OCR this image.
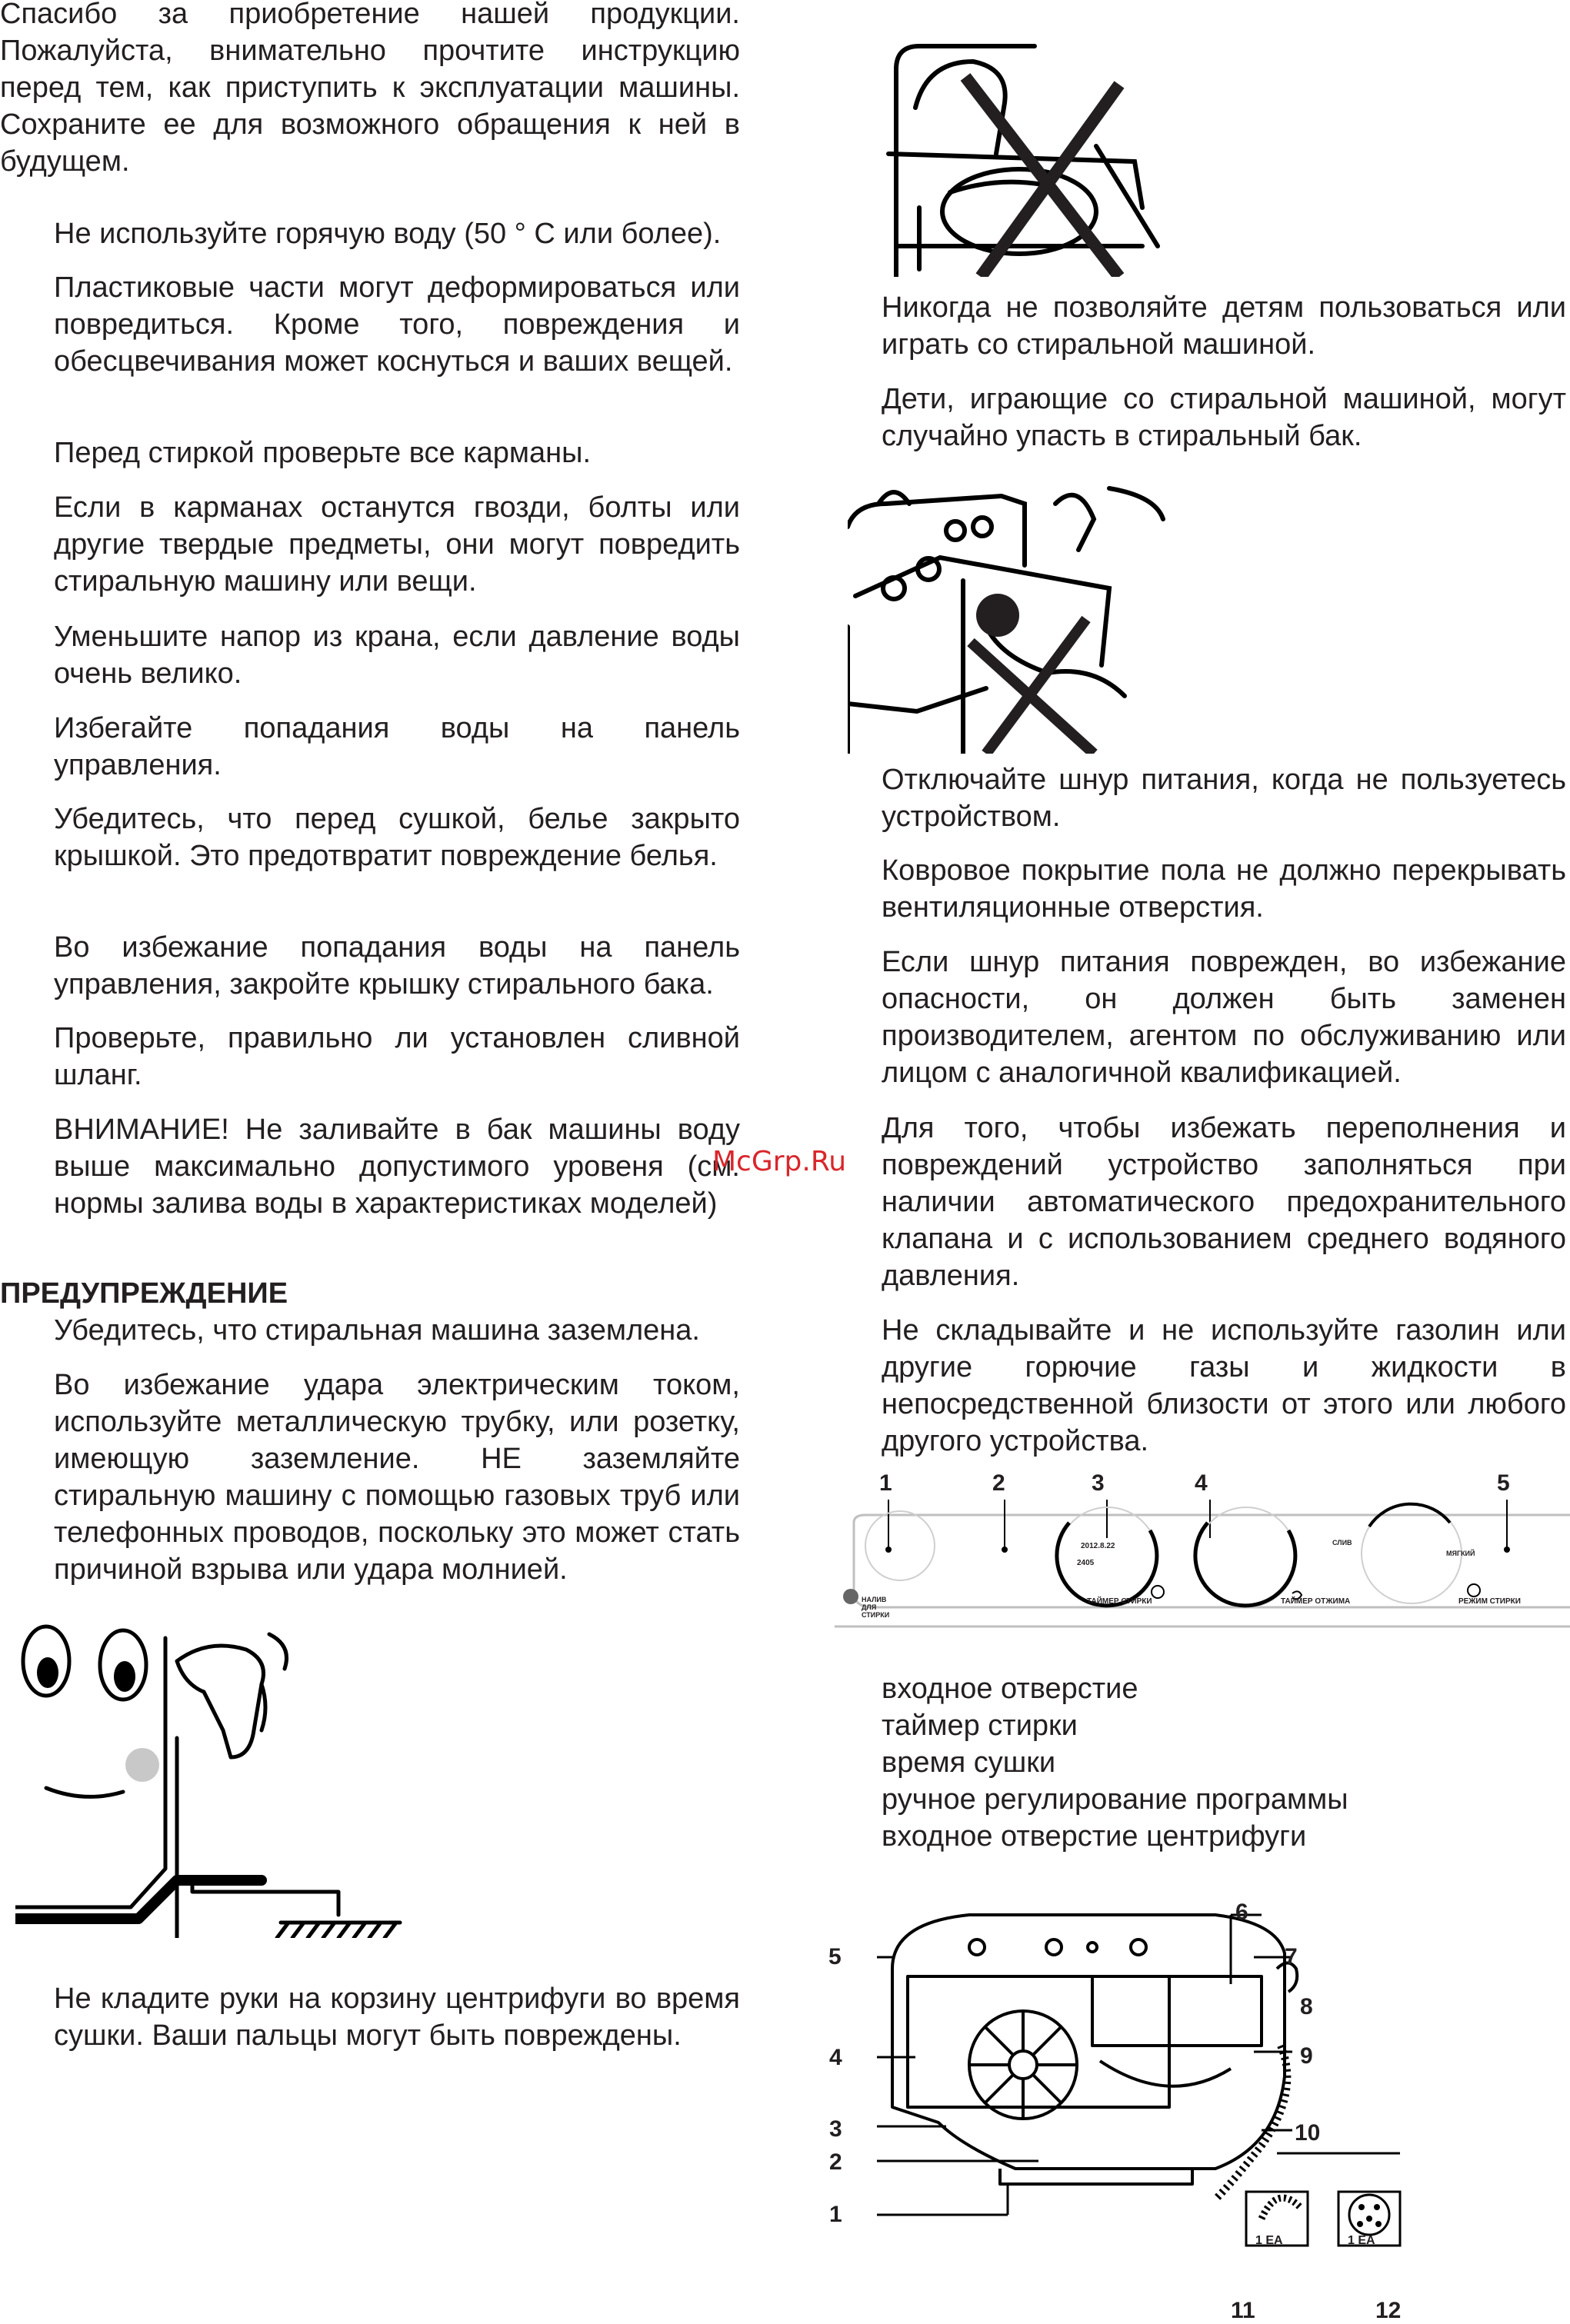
Спасибо за приобретение нашей продукции. Пожалуйста, внимательно прочтите инструкцию перед тем, как приступить к эксплуатации машины. Сохраните ее для возможного обращения к ней в будущем.

Не используйте горячую воду (50 ° С или более).

Пластиковые части могут деформироваться или повредиться. Кроме того, повреждения и обесцвечивания может коснуться и ваших вещей.

Перед стиркой проверьте все карманы.

Если в карманах останутся гвозди, болты или другие твердые предметы, они могут повредить стиральную машину или вещи.

Уменьшите напор из крана, если давление воды очень велико.

Избегайте попадания воды на панель управления.

Убедитесь, что перед сушкой, белье закрыто крышкой. Это предотвратит повреждение белья.

Во избежание попадания воды на панель управления, закройте крышку стирального бака.

Проверьте, правильно ли установлен сливной шланг.

ВНИМАНИЕ! Не заливайте в бак машины воду выше максимально допустимого уровеня (см. нормы залива воды в характеристиках моделей)

ПРЕДУПРЕЖДЕНИЕ

Убедитесь, что стиральная машина заземлена.

Во избежание удара электрическим током, используйте металлическую трубку, или розетку, имеющую заземление. НЕ заземляйте стиральную машину с помощью газовых труб или телефонных проводов, поскольку это может стать причиной взрыва или удара молнией.

Не кладите руки на корзину центрифуги во время сушки. Ваши пальцы могут быть повреждены.

McGrp.Ru

Никогда не позволяйте детям пользоваться или играть со стиральной машиной.

Дети, играющие со стиральной машиной, могут случайно упасть в стиральный бак.

Отключайте шнур питания, когда не пользуетесь устройством.

Ковровое покрытие пола не должно перекрывать вентиляционные отверстия.

Если шнур питания поврежден, во избежание опасности, он должен быть заменен производителем, агентом по обслуживанию или лицом с аналогичной квалификацией.

Для того, чтобы избежать переполнения и повреждений устройство заполняться при наличии автоматического предохранительного клапана и с использованием среднего водяного давления.

Не складывайте и не используйте газолин или другие горючие газы и жидкости в непосредственной близости от этого или любого другого устройства.

1	2	3	4	5
НАЛИВ ДЛЯ СТИРКИ
ТАЙМЕР СТИРКИ	ТАЙМЕР ОТЖИМА	РЕЖИМ СТИРКИ
СЛИВ
МЯГКИЙ
2012.8.22
2405
входное отверстие
таймер стирки
время сушки
ручное регулирование программы
входное отверстие центрифуги
5
4
3
2
1
6
7
8
9
10
11	12
1 EA	1 EA
